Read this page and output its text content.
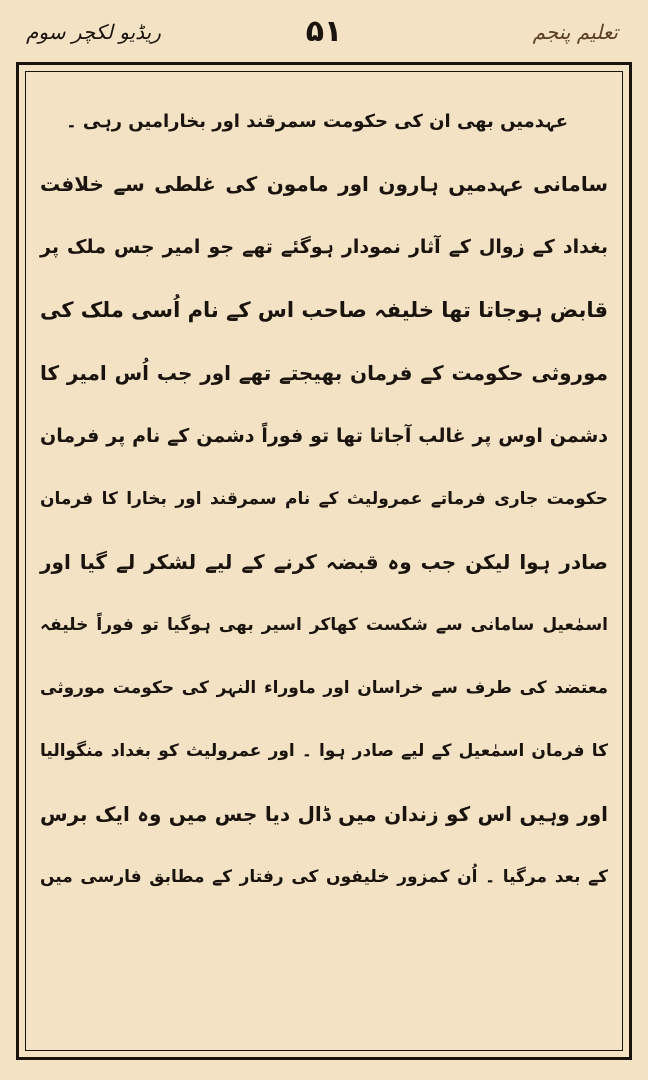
ریڈیو لکچر سوم	۵۱	تعلیم پنجم
عہدمیں بھی ان کی حکومت سمرقند اور بخارامیں رہی ۔
سامانی عہدمیں ہارون اور مامون کی غلطی سے خلافت
بغداد کے زوال کے آثار نمودار ہوگئے تھے جو امیر جس ملک پر
قابض ہوجاتا تھا خلیفہ صاحب اس کے نام اُسی ملک کی
موروثی حکومت کے فرمان بھیجتے تھے اور جب اُس امیر کا
دشمن اوس پر غالب آجاتا تھا تو فوراً دشمن کے نام پر فرمان
حکومت جاری فرماتے عمرولیث کے نام سمرقند اور بخارا کا فرمان
صادر ہوا لیکن جب وہ قبضہ کرنے کے لیے لشکر لے گیا اور
اسمٰعیل سامانی سے شکست کھاکر اسیر بھی ہوگیا تو فوراً خلیفہ
معتضد کی طرف سے خراسان اور ماوراء النہر کی حکومت موروثی
کا فرمان اسمٰعیل کے لیے صادر ہوا ۔ اور عمرولیث کو بغداد منگوالیا
اور وہیں اس کو زندان میں ڈال دیا جس میں وہ ایک برس
کے بعد مرگیا ۔ اُن کمزور خلیفوں کی رفتار کے مطابق فارسی میں
